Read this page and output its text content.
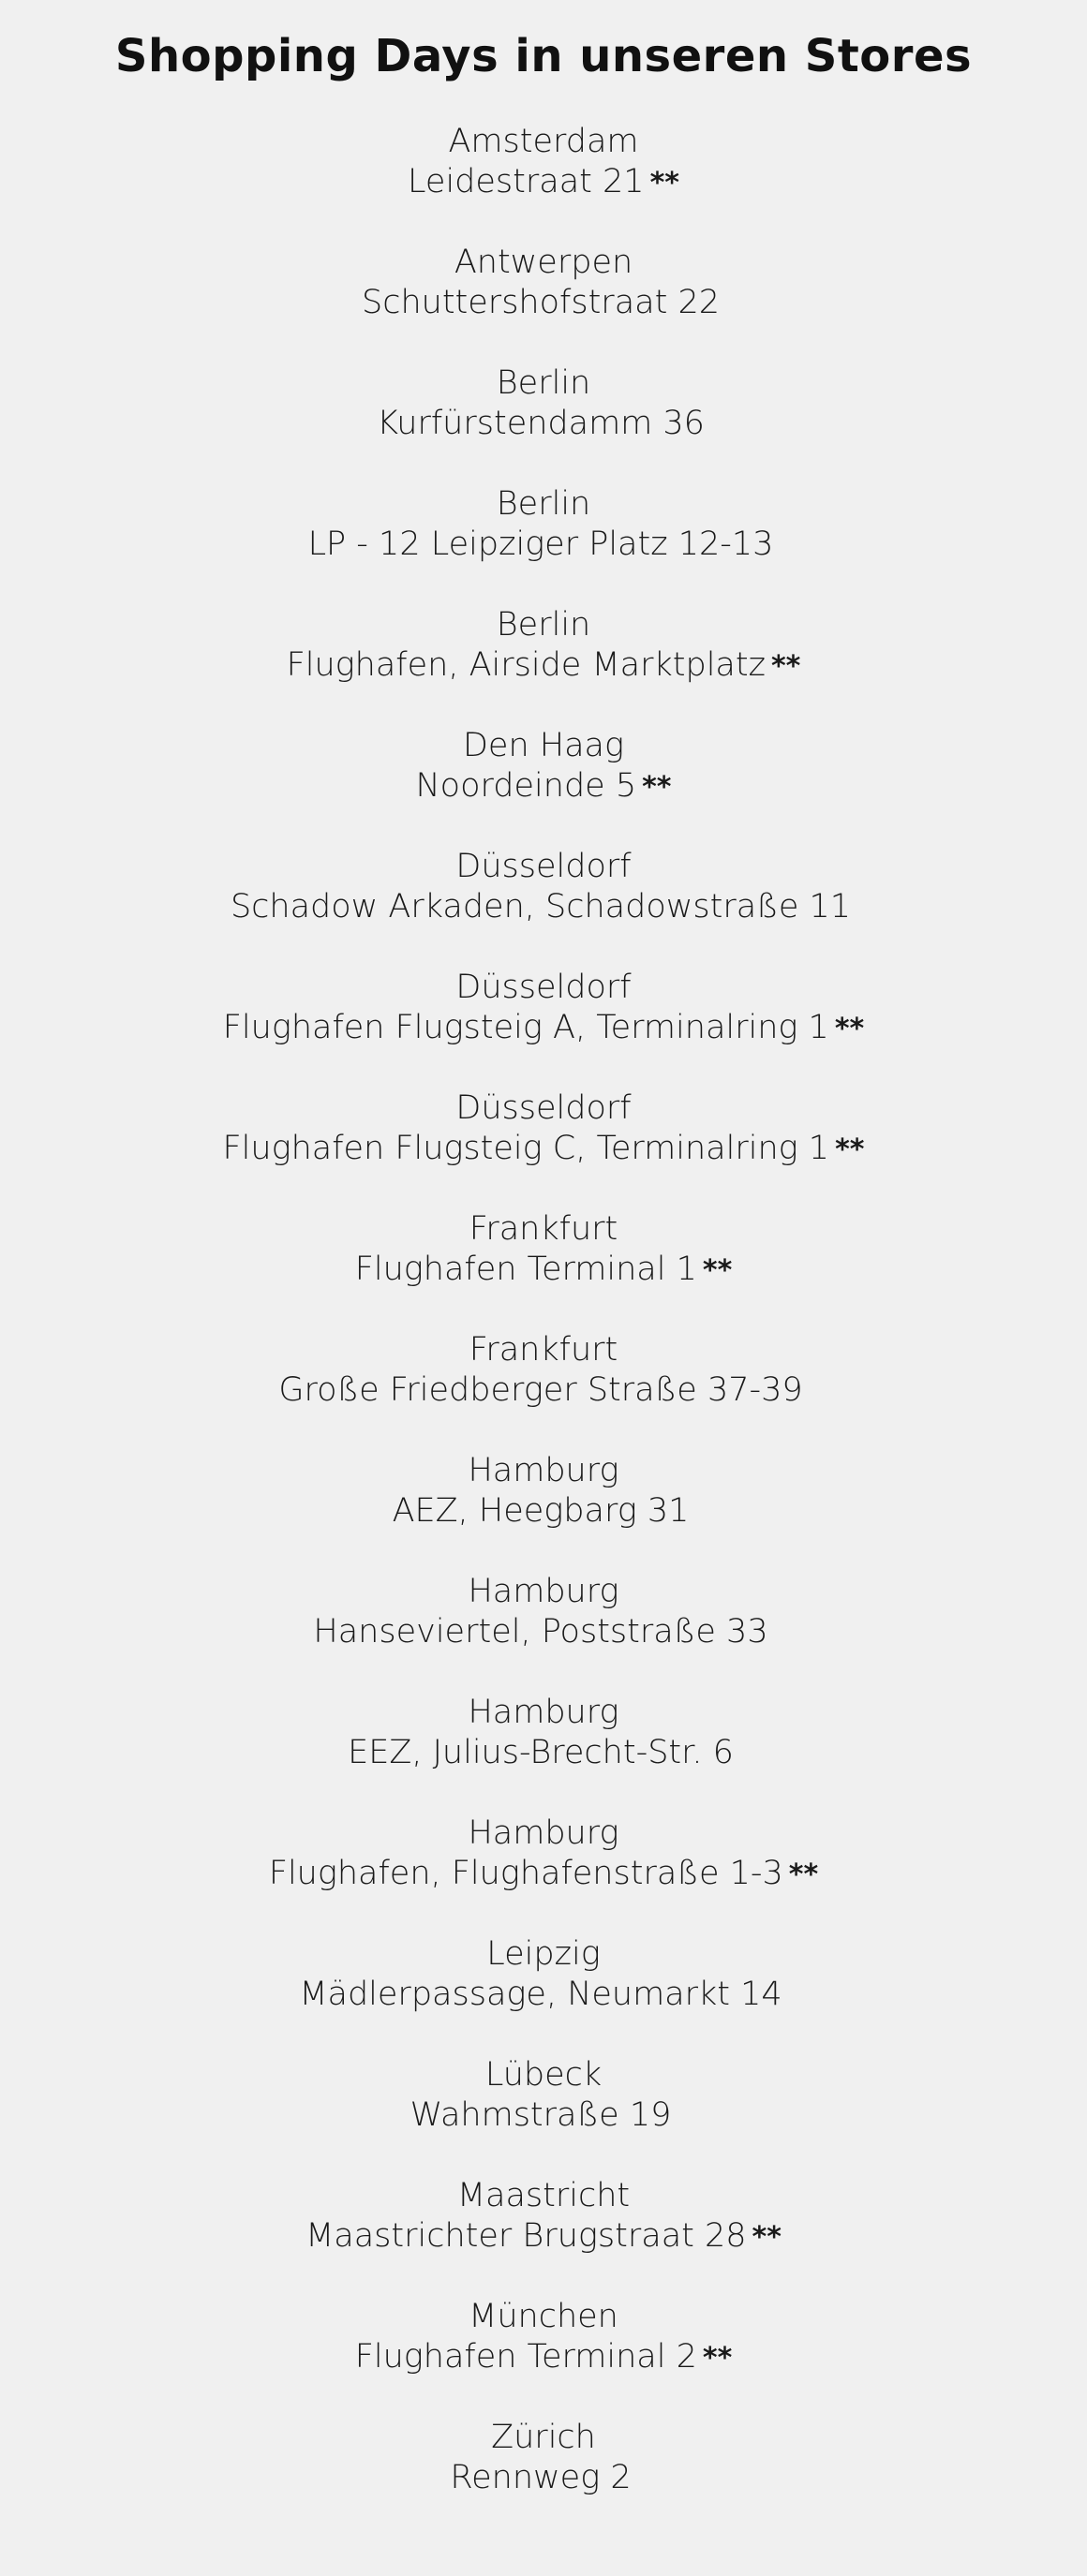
Shopping Days in unseren Stores
Amsterdam
Leidestraat 21 **
Antwerpen
Schuttershofstraat 22
Berlin
Kurfürstendamm 36
Berlin
LP - 12 Leipziger Platz 12-13
Berlin
Flughafen, Airside Marktplatz **
Den Haag
Noordeinde 5 **
Düsseldorf
Schadow Arkaden, Schadowstraße 11
Düsseldorf
Flughafen Flugsteig A, Terminalring 1 **
Düsseldorf
Flughafen Flugsteig C, Terminalring 1 **
Frankfurt
Flughafen Terminal 1 **
Frankfurt
Große Friedberger Straße 37-39
Hamburg
AEZ, Heegbarg 31
Hamburg
Hanseviertel, Poststraße 33
Hamburg
EEZ, Julius-Brecht-Str. 6
Hamburg
Flughafen, Flughafenstraße 1-3 **
Leipzig
Mädlerpassage, Neumarkt 14
Lübeck
Wahmstraße 19
Maastricht
Maastrichter Brugstraat 28 **
München
Flughafen Terminal 2 **
Zürich
Rennweg 2
